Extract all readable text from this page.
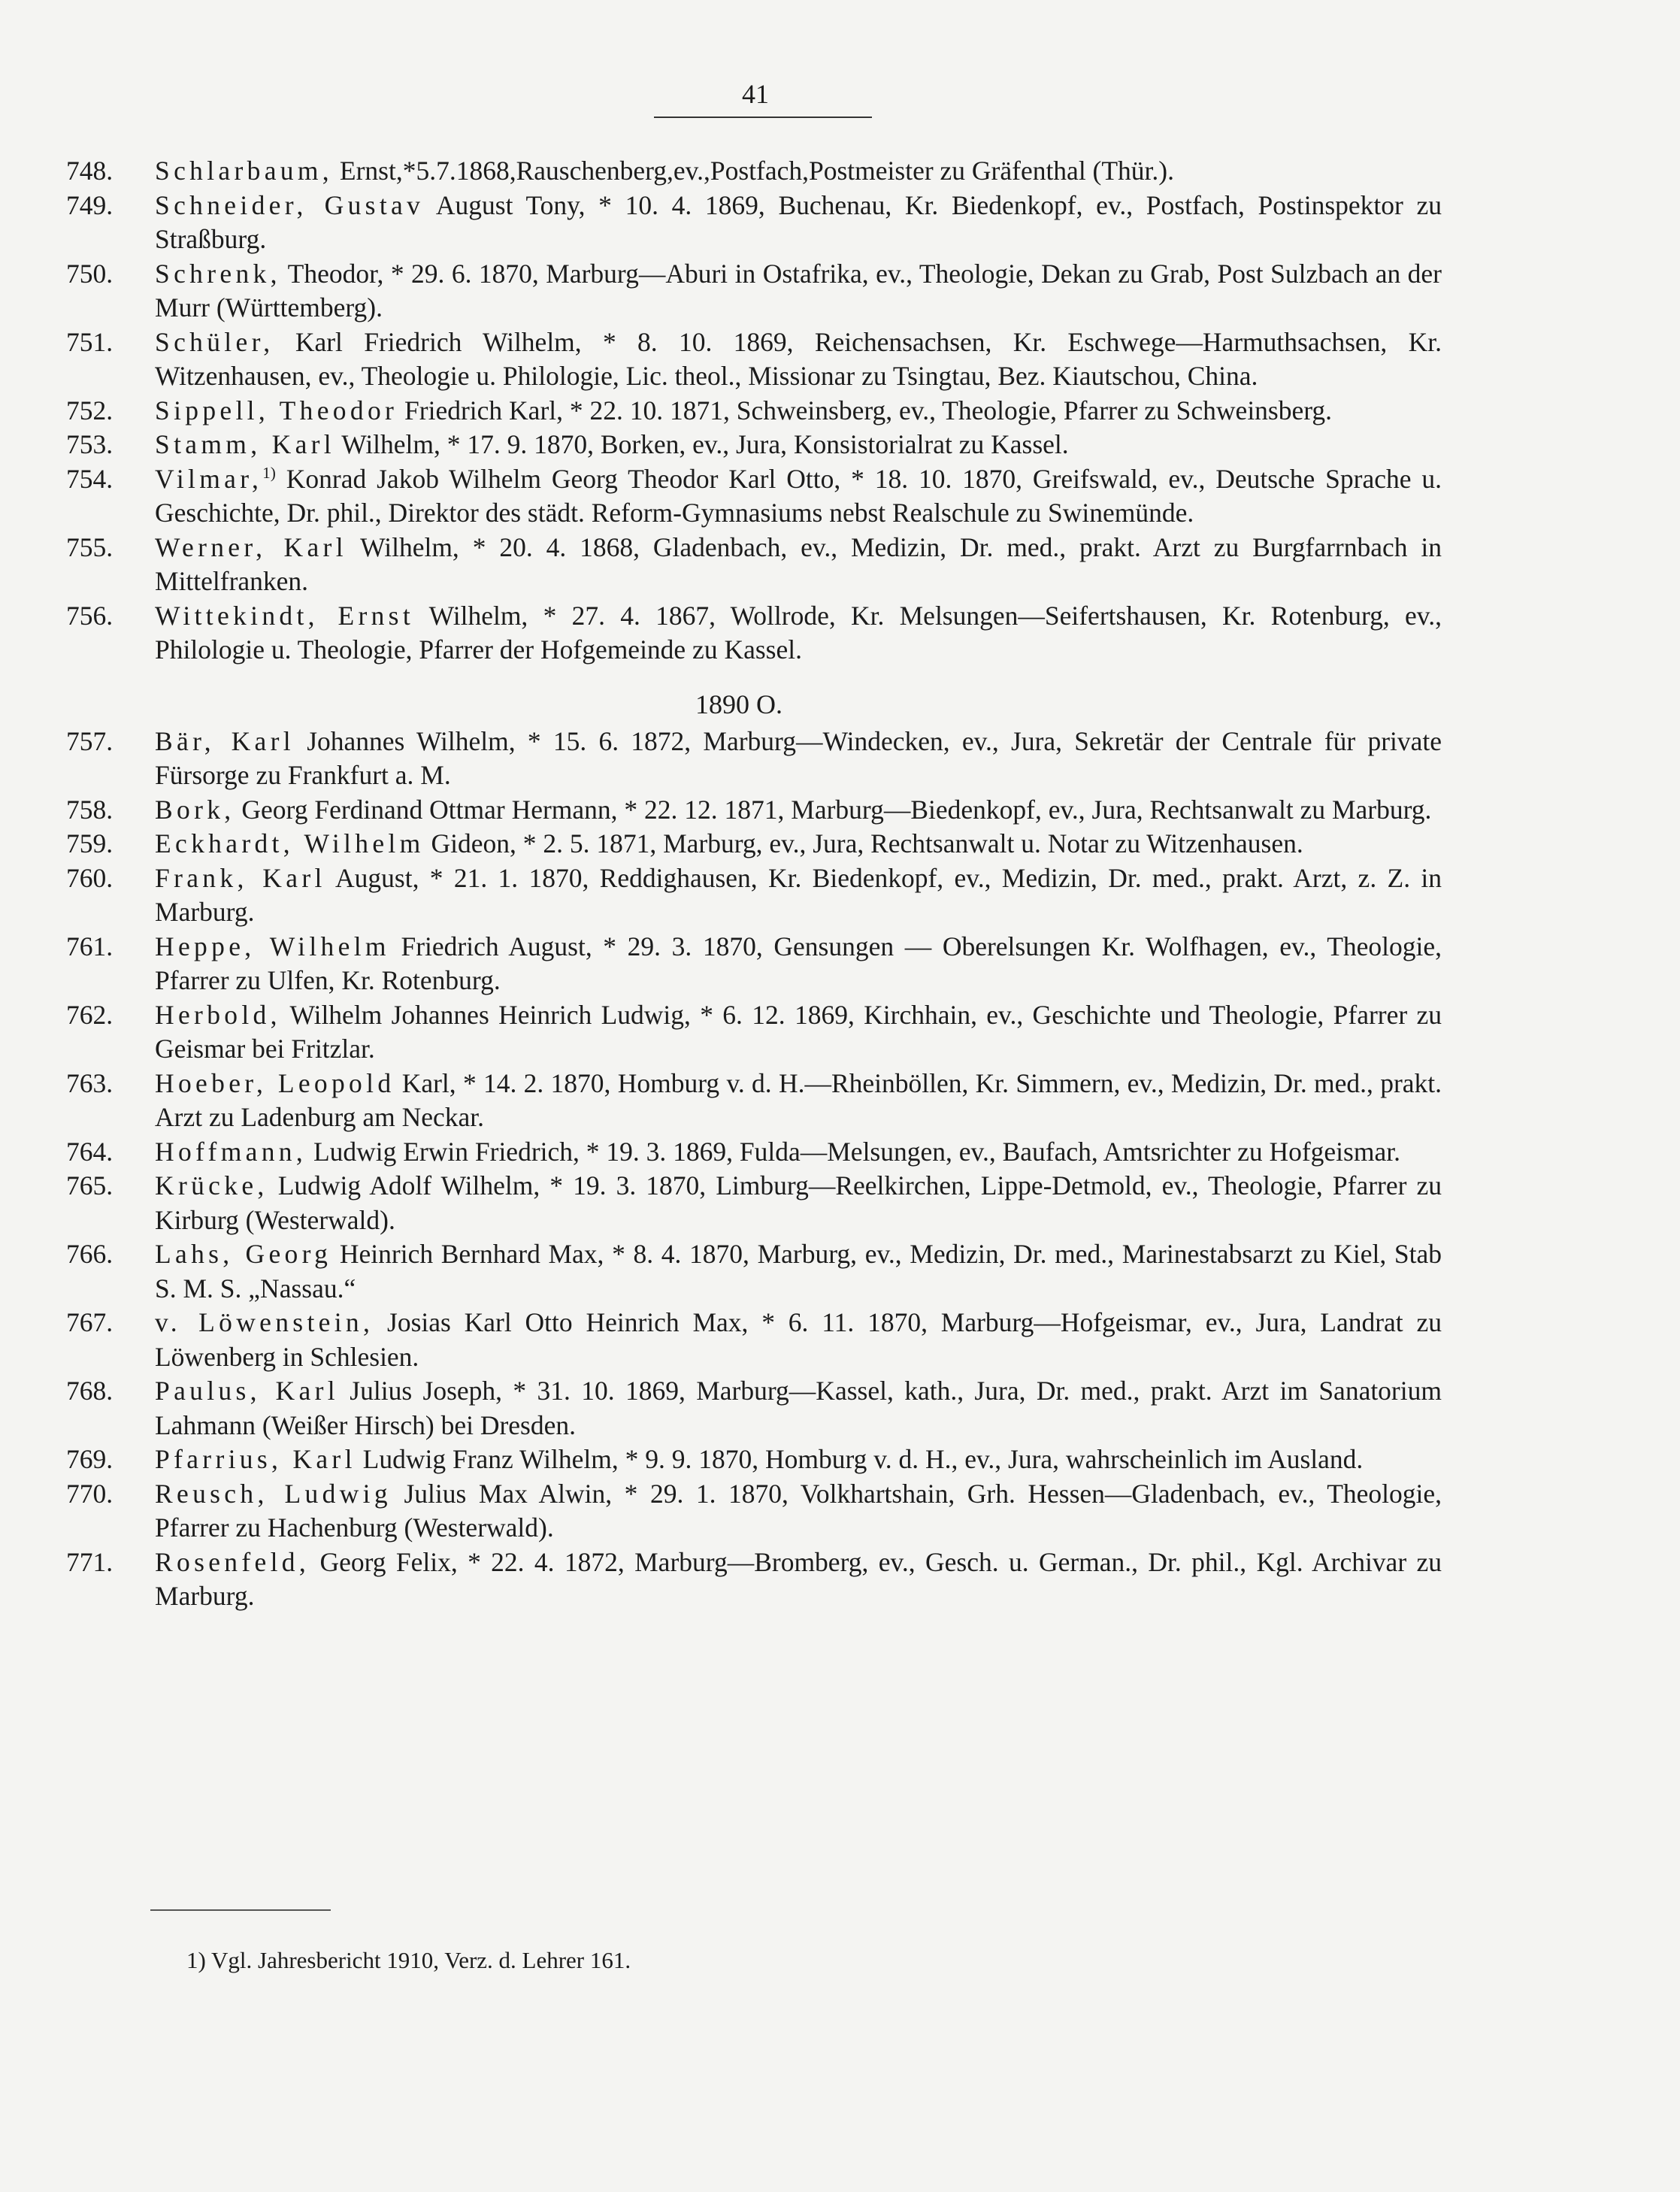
41
748.	Schlarbaum, Ernst,*5.7.1868,Rauschenberg,ev.,Postfach,Postmeister zu Gräfenthal (Thür.).
749.	Schneider, Gustav August Tony, * 10. 4. 1869, Buchenau, Kr. Biedenkopf, ev., Postfach, Postinspektor zu Straßburg.
750.	Schrenk, Theodor, * 29. 6. 1870, Marburg—Aburi in Ostafrika, ev., Theologie, Dekan zu Grab, Post Sulzbach an der Murr (Württemberg).
751.	Schüler, Karl Friedrich Wilhelm, * 8. 10. 1869, Reichensachsen, Kr. Eschwege—Harmuthsachsen, Kr. Witzenhausen, ev., Theologie u. Philologie, Lic. theol., Missionar zu Tsingtau, Bez. Kiautschou, China.
752.	Sippell, Theodor Friedrich Karl, * 22. 10. 1871, Schweinsberg, ev., Theologie, Pfarrer zu Schweinsberg.
753.	Stamm, Karl Wilhelm, * 17. 9. 1870, Borken, ev., Jura, Konsistorialrat zu Kassel.
754.	Vilmar,$^{1)}$ Konrad Jakob Wilhelm Georg Theodor Karl Otto, * 18. 10. 1870, Greifswald, ev., Deutsche Sprache u. Geschichte, Dr. phil., Direktor des städt. Reform-Gymnasiums nebst Realschule zu Swinemünde.
755.	Werner, Karl Wilhelm, * 20. 4. 1868, Gladenbach, ev., Medizin, Dr. med., prakt. Arzt zu Burgfarrnbach in Mittelfranken.
756.	Wittekindt, Ernst Wilhelm, * 27. 4. 1867, Wollrode, Kr. Melsungen—Seifertshausen, Kr. Rotenburg, ev., Philologie u. Theologie, Pfarrer der Hofgemeinde zu Kassel.
1890 O.
757.	Bär, Karl Johannes Wilhelm, * 15. 6. 1872, Marburg—Windecken, ev., Jura, Sekretär der Centrale für private Fürsorge zu Frankfurt a. M.
758.	Bork, Georg Ferdinand Ottmar Hermann, * 22. 12. 1871, Marburg—Biedenkopf, ev., Jura, Rechtsanwalt zu Marburg.
759.	Eckhardt, Wilhelm Gideon, * 2. 5. 1871, Marburg, ev., Jura, Rechtsanwalt u. Notar zu Witzenhausen.
760.	Frank, Karl August, * 21. 1. 1870, Reddighausen, Kr. Biedenkopf, ev., Medizin, Dr. med., prakt. Arzt, z. Z. in Marburg.
761.	Heppe, Wilhelm Friedrich August, * 29. 3. 1870, Gensungen — Oberelsungen Kr. Wolfhagen, ev., Theologie, Pfarrer zu Ulfen, Kr. Rotenburg.
762.	Herbold, Wilhelm Johannes Heinrich Ludwig, * 6. 12. 1869, Kirchhain, ev., Geschichte und Theologie, Pfarrer zu Geismar bei Fritzlar.
763.	Hoeber, Leopold Karl, * 14. 2. 1870, Homburg v. d. H.—Rheinböllen, Kr. Simmern, ev., Medizin, Dr. med., prakt. Arzt zu Ladenburg am Neckar.
764.	Hoffmann, Ludwig Erwin Friedrich, * 19. 3. 1869, Fulda—Melsungen, ev., Baufach, Amtsrichter zu Hofgeismar.
765.	Krücke, Ludwig Adolf Wilhelm, * 19. 3. 1870, Limburg—Reelkirchen, Lippe-Detmold, ev., Theologie, Pfarrer zu Kirburg (Westerwald).
766.	Lahs, Georg Heinrich Bernhard Max, * 8. 4. 1870, Marburg, ev., Medizin, Dr. med., Marinestabsarzt zu Kiel, Stab S. M. S. „Nassau.“
767.	v. Löwenstein, Josias Karl Otto Heinrich Max, * 6. 11. 1870, Marburg—Hofgeismar, ev., Jura, Landrat zu Löwenberg in Schlesien.
768.	Paulus, Karl Julius Joseph, * 31. 10. 1869, Marburg—Kassel, kath., Jura, Dr. med., prakt. Arzt im Sanatorium Lahmann (Weißer Hirsch) bei Dresden.
769.	Pfarrius, Karl Ludwig Franz Wilhelm, * 9. 9. 1870, Homburg v. d. H., ev., Jura, wahrscheinlich im Ausland.
770.	Reusch, Ludwig Julius Max Alwin, * 29. 1. 1870, Volkhartshain, Grh. Hessen—Gladenbach, ev., Theologie, Pfarrer zu Hachenburg (Westerwald).
771.	Rosenfeld, Georg Felix, * 22. 4. 1872, Marburg—Bromberg, ev., Gesch. u. German., Dr. phil., Kgl. Archivar zu Marburg.
1) Vgl. Jahresbericht 1910, Verz. d. Lehrer 161.
